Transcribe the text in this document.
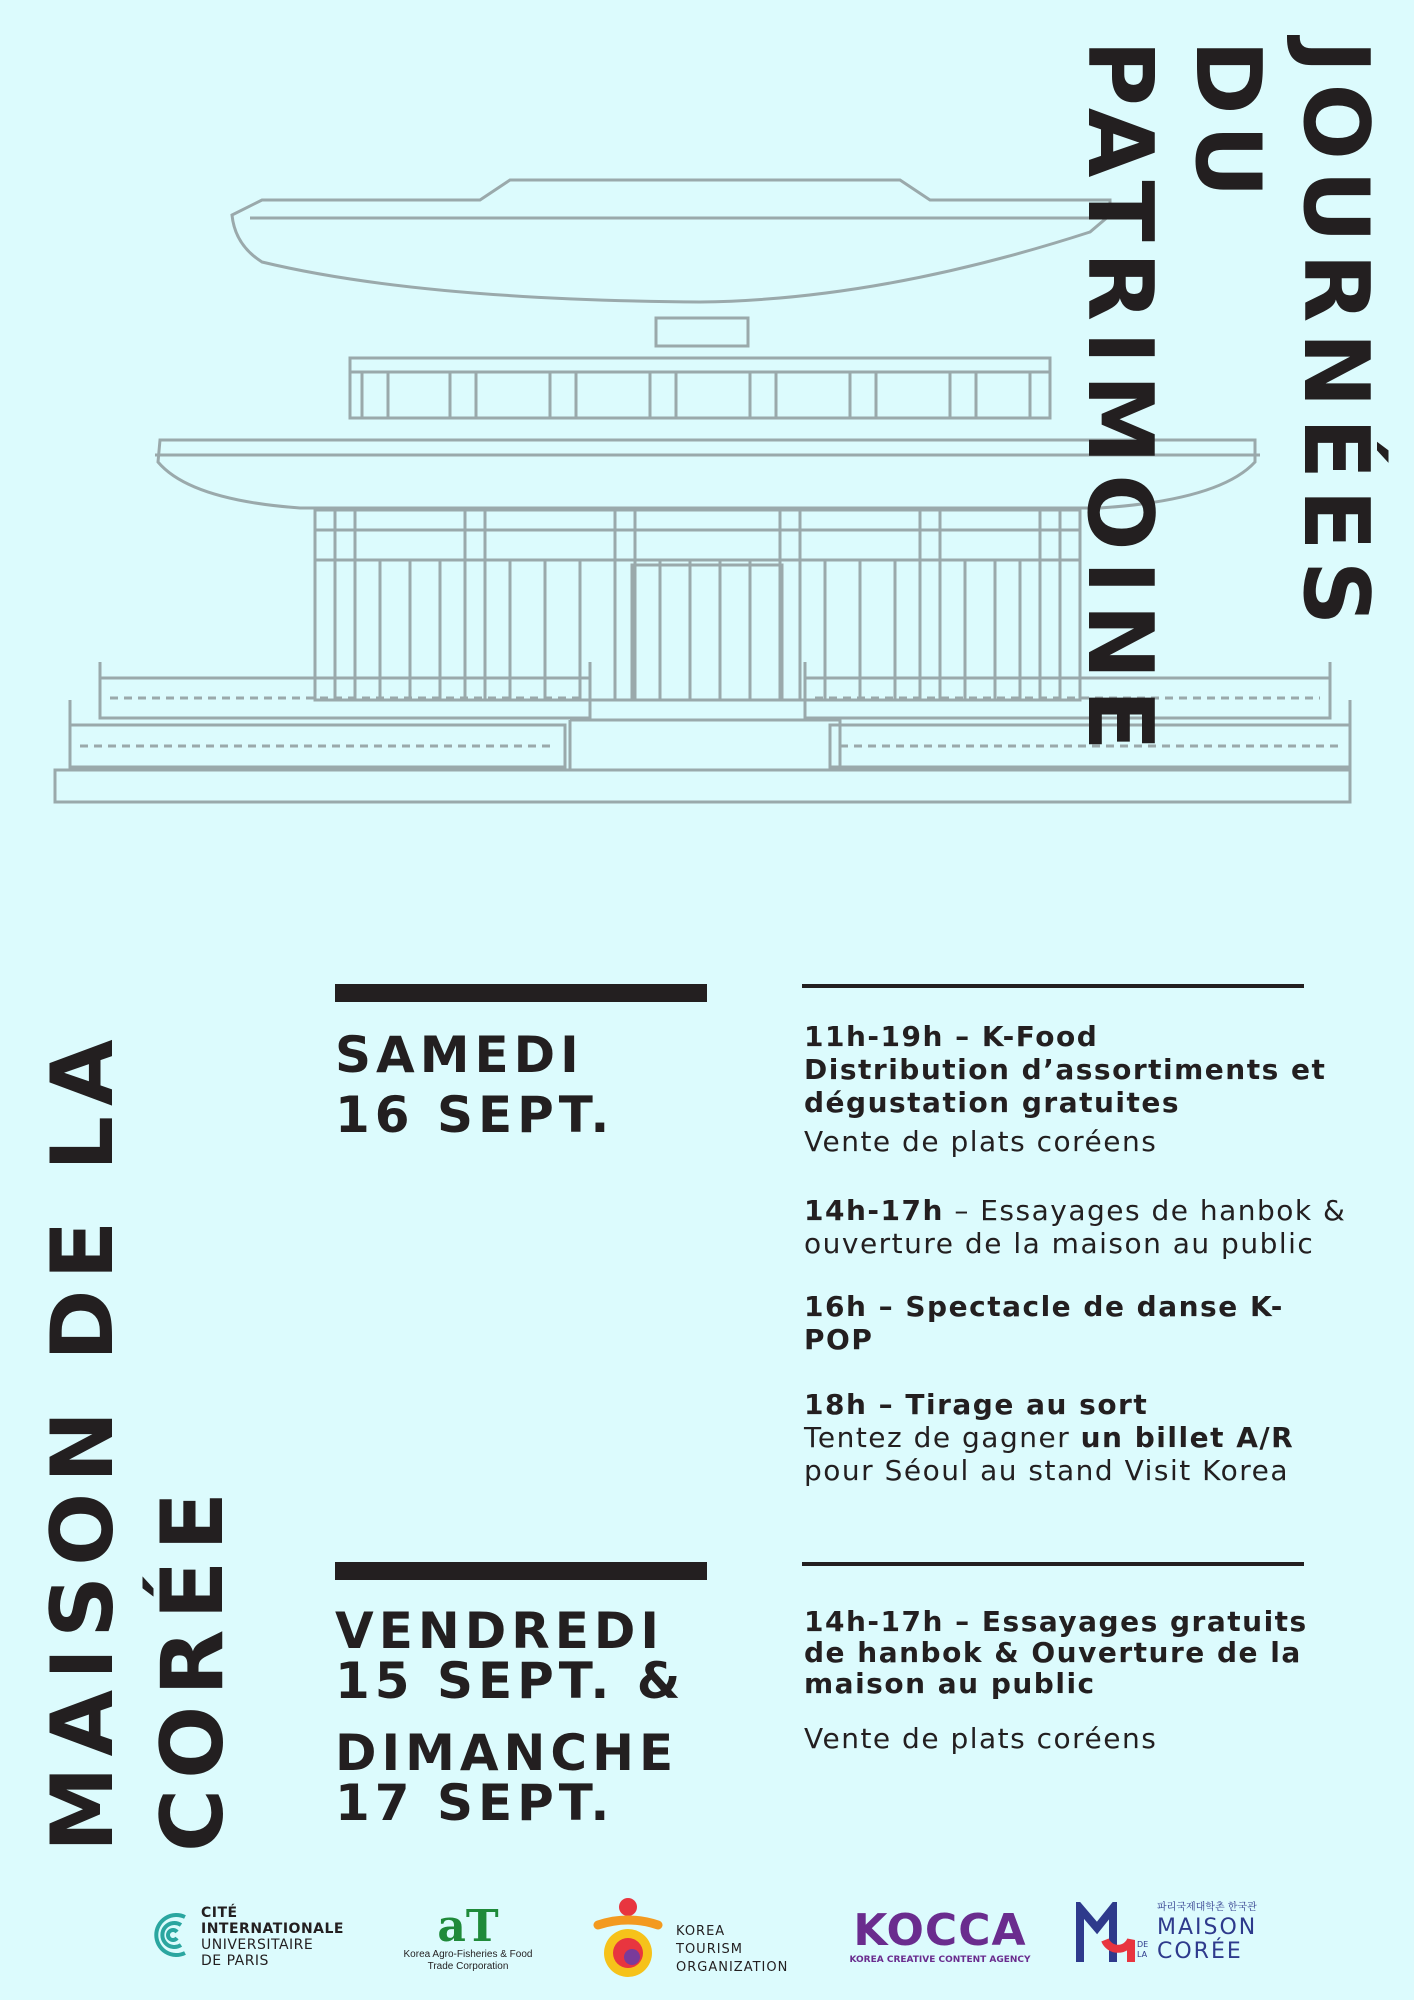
JOURNÉES
DU
PATRIMOINE
MAISON DE LA CORÉE
SAMEDI
16 SEPT.
11h-19h – K-Food
Distribution d’assortiments et dégustation gratuites
Vente de plats coréens
14h-17h – Essayages de hanbok & ouverture de la maison au public
16h – Spectacle de danse K-POP
18h – Tirage au sort
Tentez de gagner un billet A/R pour Séoul au stand Visit Korea
VENDREDI
15 SEPT. &
DIMANCHE
17 SEPT.
14h-17h – Essayages gratuits de hanbok & Ouverture de la maison au public
Vente de plats coréens
CITÉ
INTERNATIONALE
UNIVERSITAIRE
DE PARIS
aT
Korea Agro-Fisheries & Food
Trade Corporation
KOREA
TOURISM
ORGANIZATION
KOCCA
KOREA CREATIVE CONTENT AGENCY
파리국제대학촌 한국관
MAISON
DE
LA CORÉE
